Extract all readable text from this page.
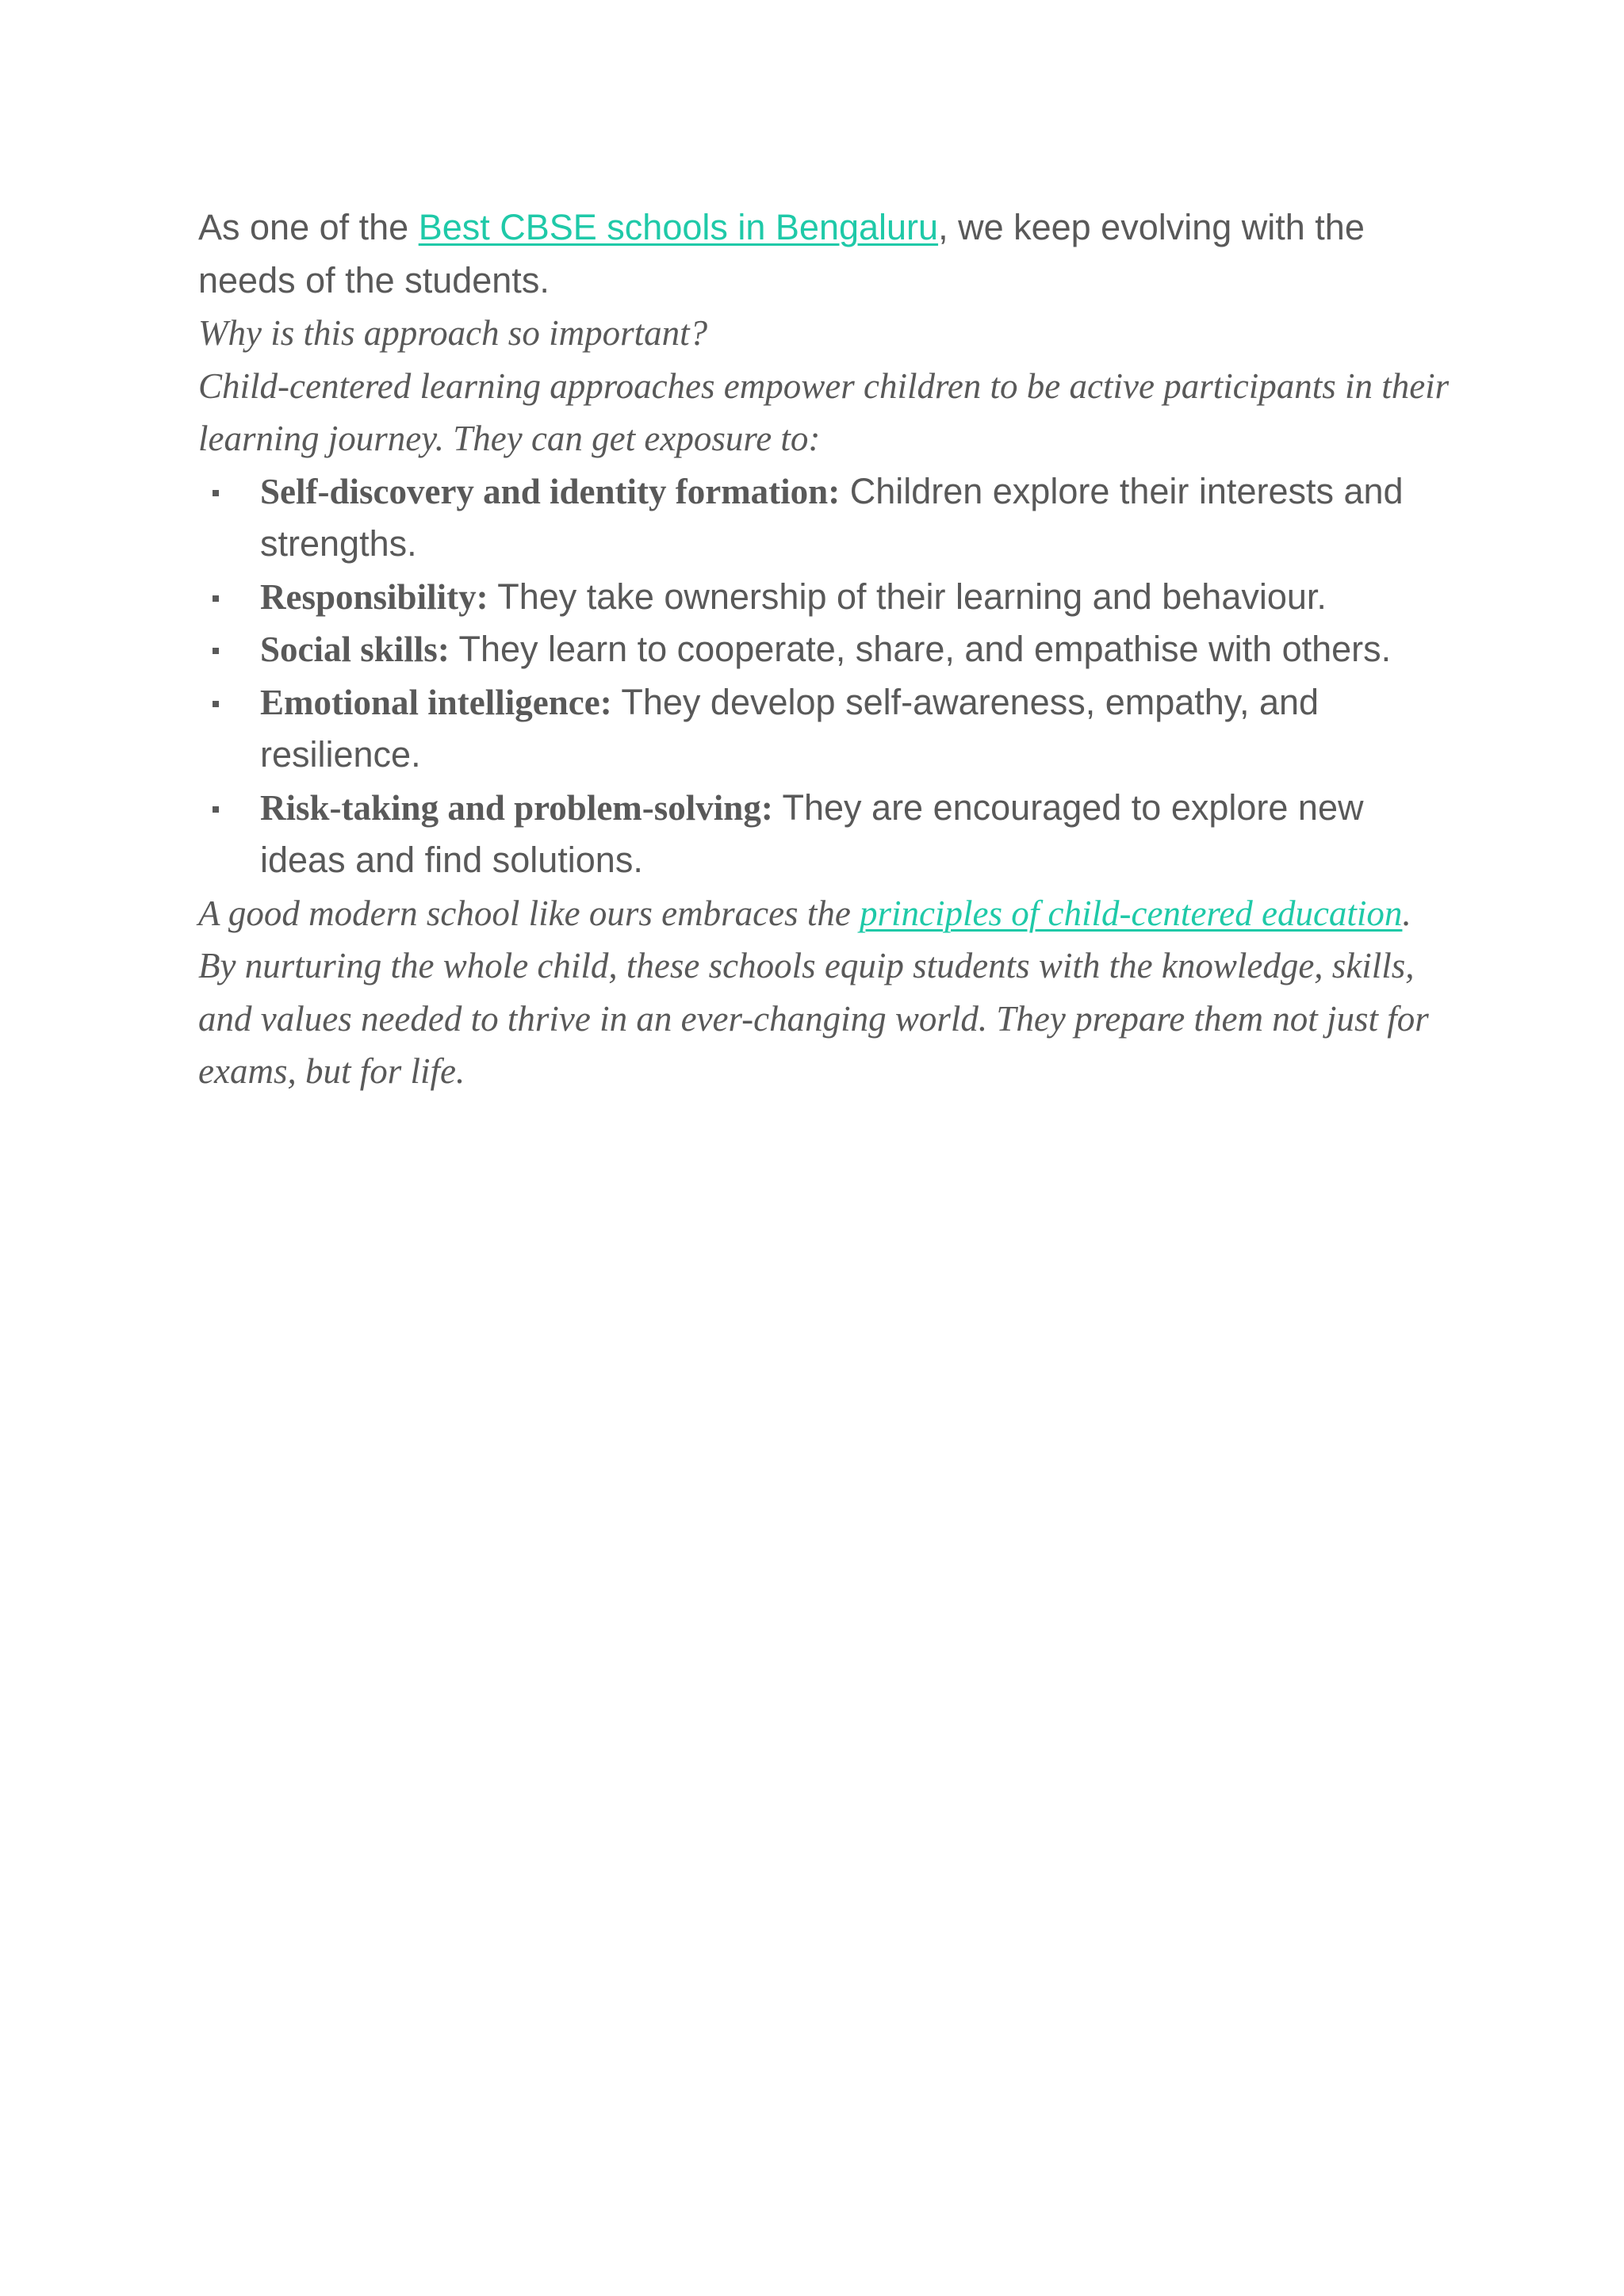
As one of the Best CBSE schools in Bengaluru, we keep evolving with the needs of the students.

Why is this approach so important?

Child-centered learning approaches empower children to be active participants in their learning journey. They can get exposure to:

Self-discovery and identity formation: Children explore their interests and strengths.
Responsibility: They take ownership of their learning and behaviour.
Social skills: They learn to cooperate, share, and empathise with others.
Emotional intelligence: They develop self-awareness, empathy, and resilience.
Risk-taking and problem-solving: They are encouraged to explore new ideas and find solutions.

A good modern school like ours embraces the principles of child-centered education. By nurturing the whole child, these schools equip students with the knowledge, skills, and values needed to thrive in an ever-changing world. They prepare them not just for exams, but for life.
